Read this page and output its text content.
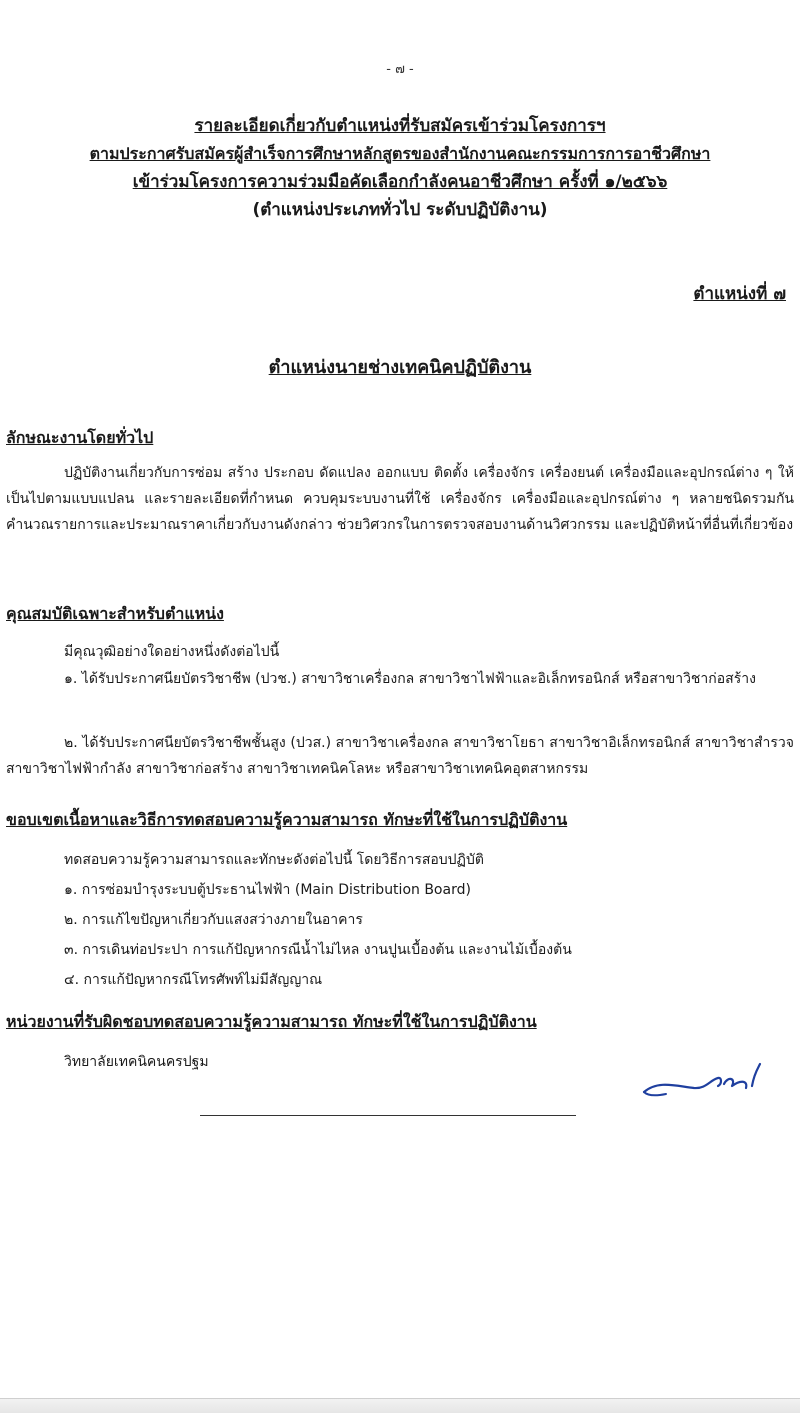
- ๗ -
รายละเอียดเกี่ยวกับตำแหน่งที่รับสมัครเข้าร่วมโครงการฯ
ตามประกาศรับสมัครผู้สำเร็จการศึกษาหลักสูตรของสำนักงานคณะกรรมการการอาชีวศึกษา
เข้าร่วมโครงการความร่วมมือคัดเลือกกำลังคนอาชีวศึกษา ครั้งที่ ๑/๒๕๖๖
(ตำแหน่งประเภททั่วไป ระดับปฏิบัติงาน)
ตำแหน่งที่ ๗
ตำแหน่งนายช่างเทคนิคปฏิบัติงาน
ลักษณะงานโดยทั่วไป
ปฏิบัติงานเกี่ยวกับการซ่อม สร้าง ประกอบ ดัดแปลง ออกแบบ ติดตั้ง เครื่องจักร เครื่องยนต์ เครื่องมือและอุปกรณ์ต่าง ๆ ให้เป็นไปตามแบบแปลน และรายละเอียดที่กำหนด ควบคุมระบบงานที่ใช้ เครื่องจักร เครื่องมือและอุปกรณ์ต่าง ๆ หลายชนิดรวมกัน คำนวณรายการและประมาณราคาเกี่ยวกับงานดังกล่าว ช่วยวิศวกรในการตรวจสอบงานด้านวิศวกรรม และปฏิบัติหน้าที่อื่นที่เกี่ยวข้อง
คุณสมบัติเฉพาะสำหรับตำแหน่ง
มีคุณวุฒิอย่างใดอย่างหนึ่งดังต่อไปนี้
๑. ได้รับประกาศนียบัตรวิชาชีพ (ปวช.) สาขาวิชาเครื่องกล สาขาวิชาไฟฟ้าและอิเล็กทรอนิกส์ หรือสาขาวิชาก่อสร้าง
๒. ได้รับประกาศนียบัตรวิชาชีพชั้นสูง (ปวส.) สาขาวิชาเครื่องกล สาขาวิชาโยธา สาขาวิชาอิเล็กทรอนิกส์ สาขาวิชาสำรวจ สาขาวิชาไฟฟ้ากำลัง สาขาวิชาก่อสร้าง สาขาวิชาเทคนิคโลหะ หรือสาขาวิชาเทคนิคอุตสาหกรรม
ขอบเขตเนื้อหาและวิธีการทดสอบความรู้ความสามารถ ทักษะที่ใช้ในการปฏิบัติงาน
ทดสอบความรู้ความสามารถและทักษะดังต่อไปนี้ โดยวิธีการสอบปฏิบัติ
๑. การซ่อมบำรุงระบบตู้ประธานไฟฟ้า (Main Distribution Board)
๒. การแก้ไขปัญหาเกี่ยวกับแสงสว่างภายในอาคาร
๓. การเดินท่อประปา การแก้ปัญหากรณีน้ำไม่ไหล งานปูนเบื้องต้น และงานไม้เบื้องต้น
๔. การแก้ปัญหากรณีโทรศัพท์ไม่มีสัญญาณ
หน่วยงานที่รับผิดชอบทดสอบความรู้ความสามารถ ทักษะที่ใช้ในการปฏิบัติงาน
วิทยาลัยเทคนิคนครปฐม
